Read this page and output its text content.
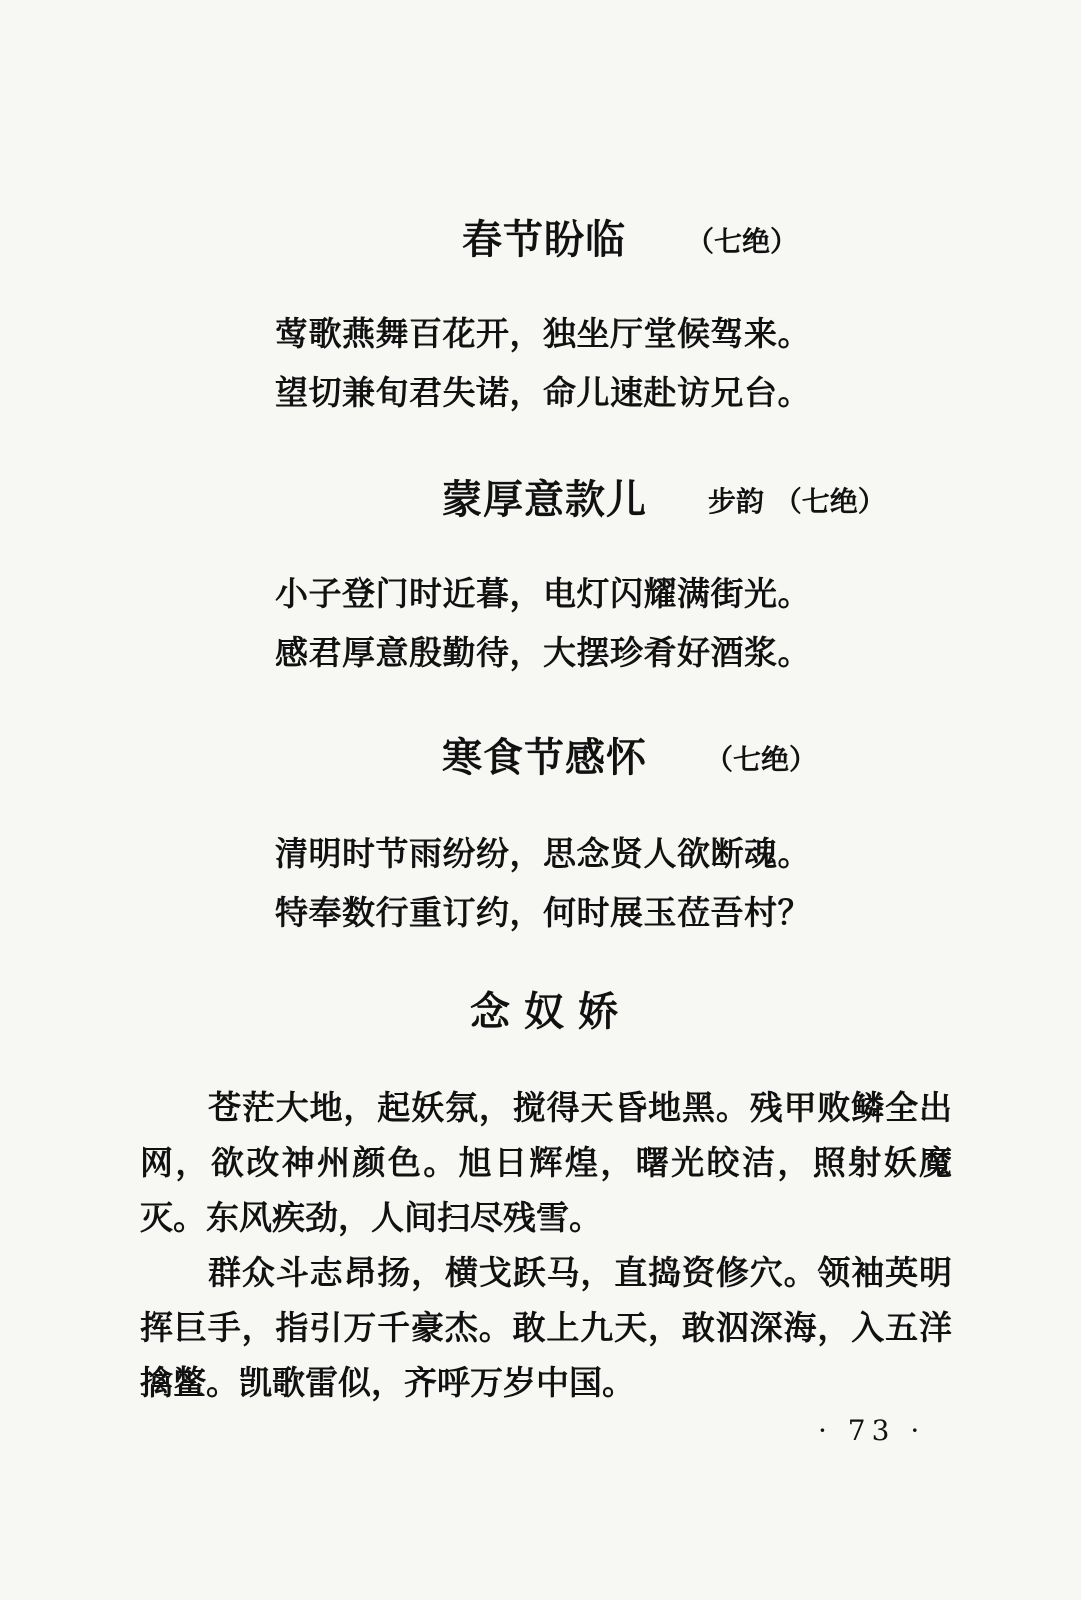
春节盼临 （七绝）
莺歌燕舞百花开，独坐厅堂候驾来。
望切兼旬君失诺，命儿速赴访兄台。
蒙厚意款儿 步韵 （七绝）
小子登门时近暮，电灯闪耀满街光。
感君厚意殷勤待，大摆珍肴好酒浆。
寒食节感怀 （七绝）
清明时节雨纷纷，思念贤人欲断魂。
特奉数行重订约，何时展玉莅吾村？
念奴娇

苍茫大地，起妖氛，搅得天昏地黑。残甲败鳞全出网，欲改神州颜色。旭日辉煌，曙光皎洁，照射妖魔灭。东风疾劲，人间扫尽残雪。

群众斗志昂扬，横戈跃马，直捣资修穴。领袖英明挥巨手，指引万千豪杰。敢上九天，敢泅深海，入五洋擒鳖。凯歌雷似，齐呼万岁中国。

· 73 ·
